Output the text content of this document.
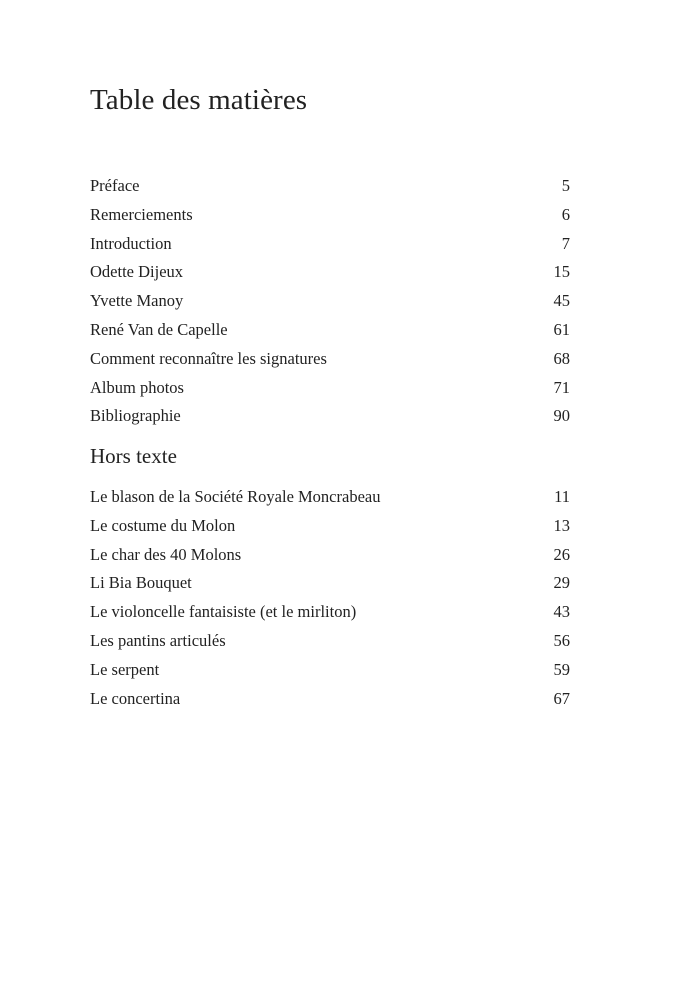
Table des matières
Préface	5
Remerciements	6
Introduction	7
Odette Dijeux	15
Yvette Manoy	45
René Van de Capelle	61
Comment reconnaître les signatures	68
Album photos	71
Bibliographie	90
Hors texte
Le blason de la Société Royale Moncrabeau	11
Le costume du Molon	13
Le char des 40 Molons	26
Li Bia Bouquet	29
Le violoncelle fantaisiste (et le mirliton)	43
Les pantins articulés	56
Le serpent	59
Le concertina	67
